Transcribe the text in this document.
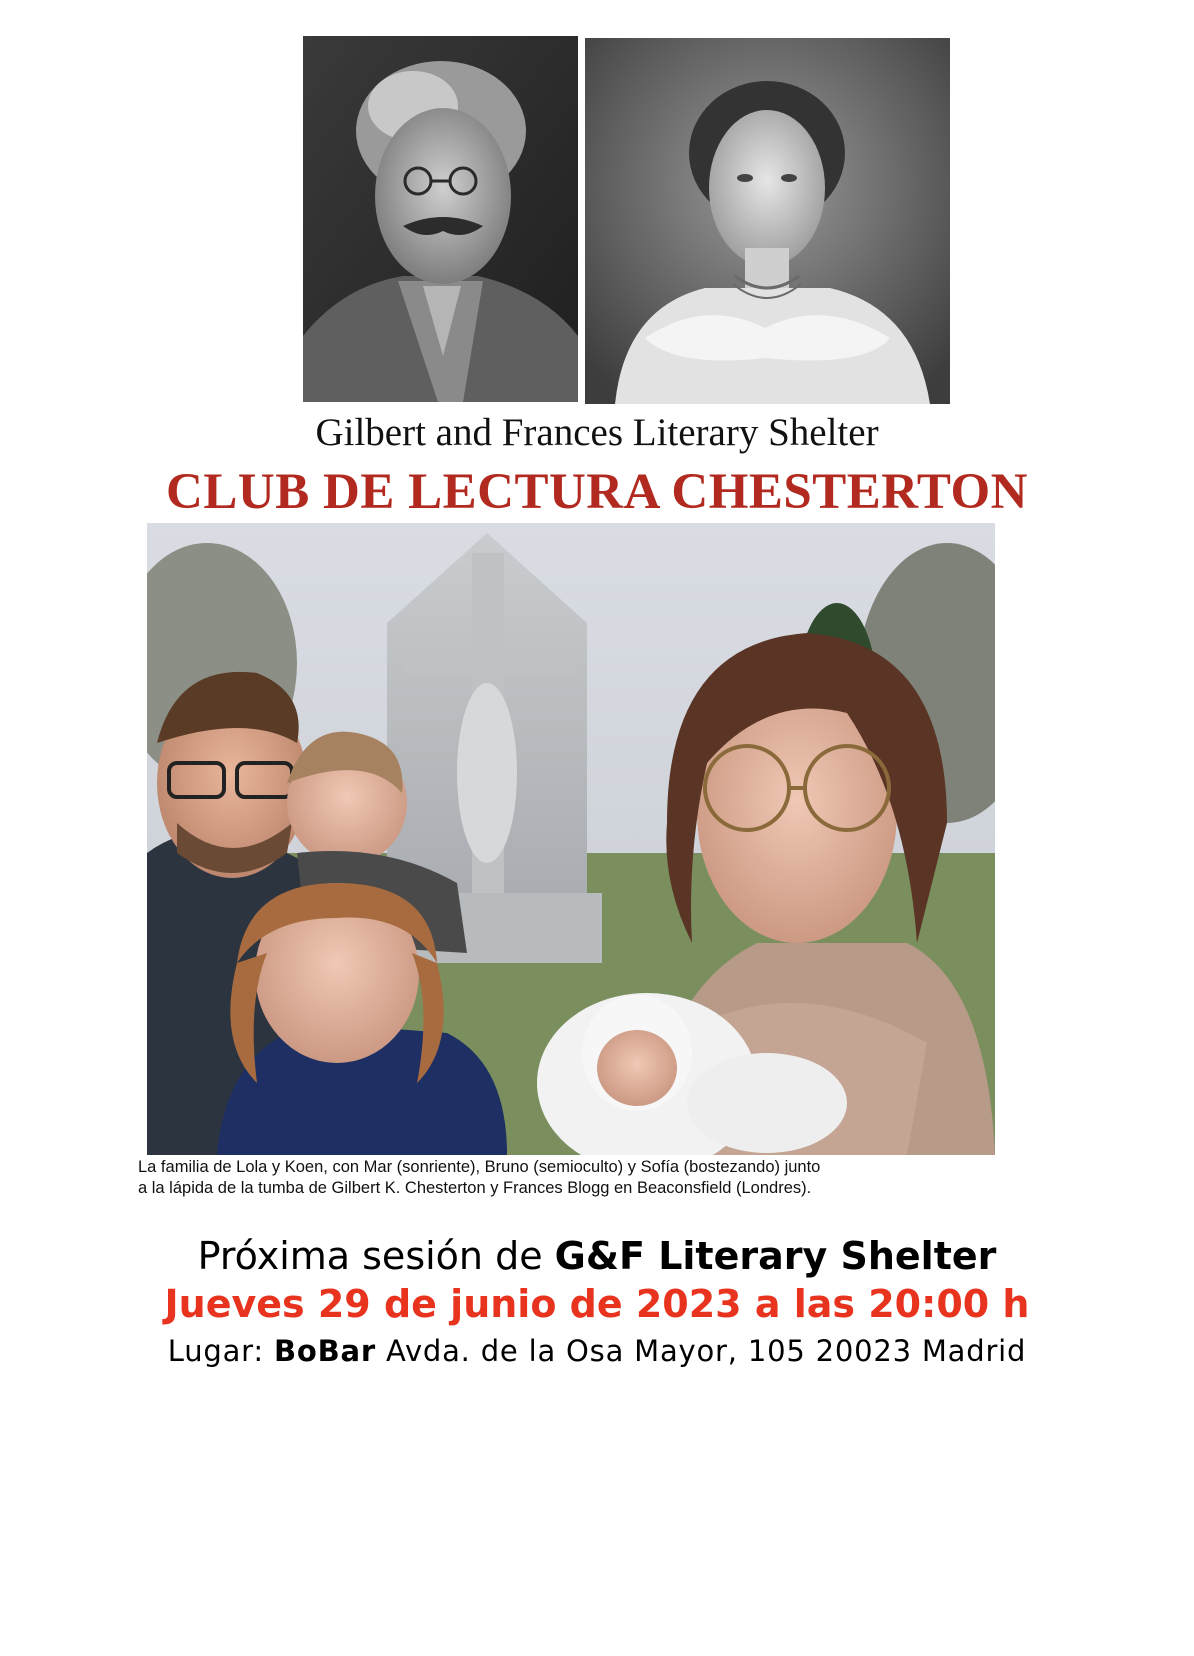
Gilbert and Frances Literary Shelter
CLUB DE LECTURA CHESTERTON
La familia de Lola y Koen, con Mar (sonriente), Bruno (semioculto) y Sofía (bostezando) junto
a la lápida de la tumba de Gilbert K. Chesterton y Frances Blogg en Beaconsfield (Londres).
Próxima sesión de G&F Literary Shelter
Jueves 29 de junio de 2023 a las 20:00 h
Lugar: BoBar Avda. de la Osa Mayor, 105 20023 Madrid
